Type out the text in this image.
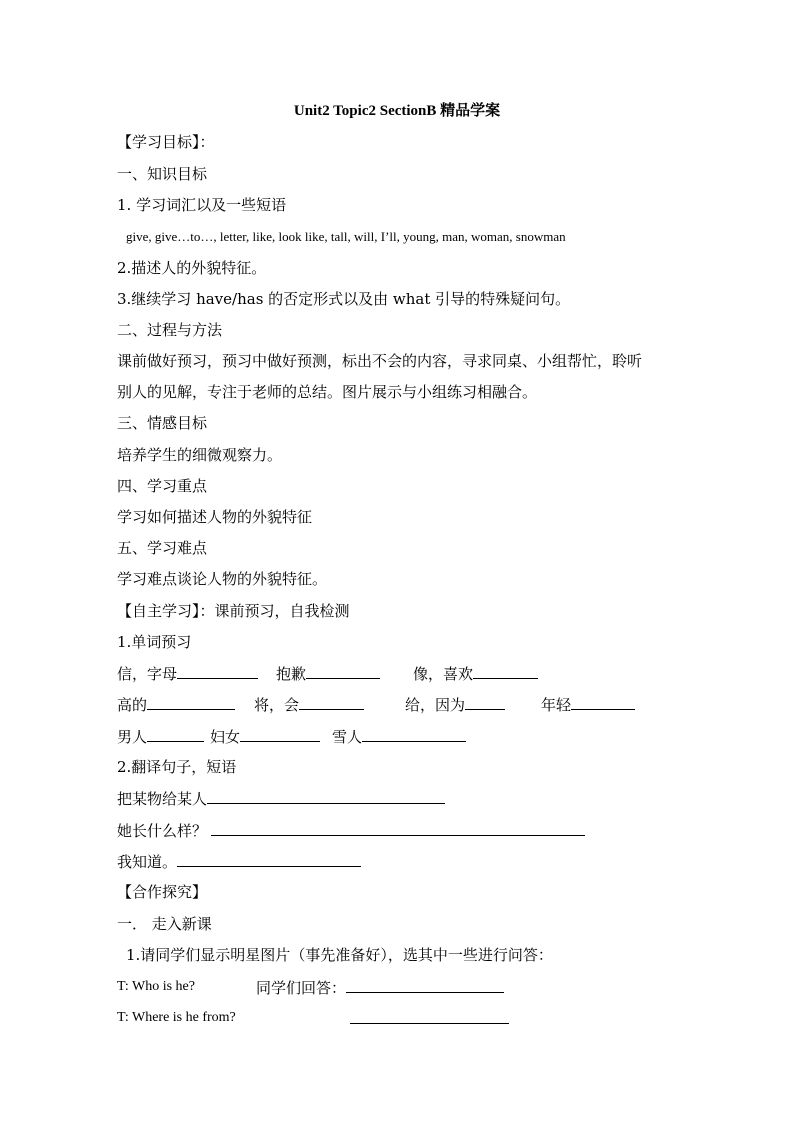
Unit2 Topic2 SectionB 精品学案
【学习目标】：
一、知识目标
1. 学习词汇以及一些短语
give, give…to…, letter, like, look like, tall, will, I’ll, young, man, woman, snowman
2.描述人的外貌特征。
3.继续学习 have/has 的否定形式以及由 what 引导的特殊疑问句。
二、过程与方法
课前做好预习，预习中做好预测，标出不会的内容，寻求同桌、小组帮忙，聆听
别人的见解，专注于老师的总结。图片展示与小组练习相融合。
三、情感目标
培养学生的细微观察力。
四、学习重点
学习如何描述人物的外貌特征
五、学习难点
学习难点谈论人物的外貌特征。
【自主学习】：课前预习，自我检测
1.单词预习
信，字母	抱歉	像，喜欢
高的	将，会	给，因为	年轻
男人	妇女	雪人
2.翻译句子，短语
把某物给某人
她长什么样？
我知道。
【合作探究】
一． 走入新课
1.请同学们显示明星图片（事先准备好），选其中一些进行问答：
T: Who is he?	同学们回答：
T: Where is he from?
